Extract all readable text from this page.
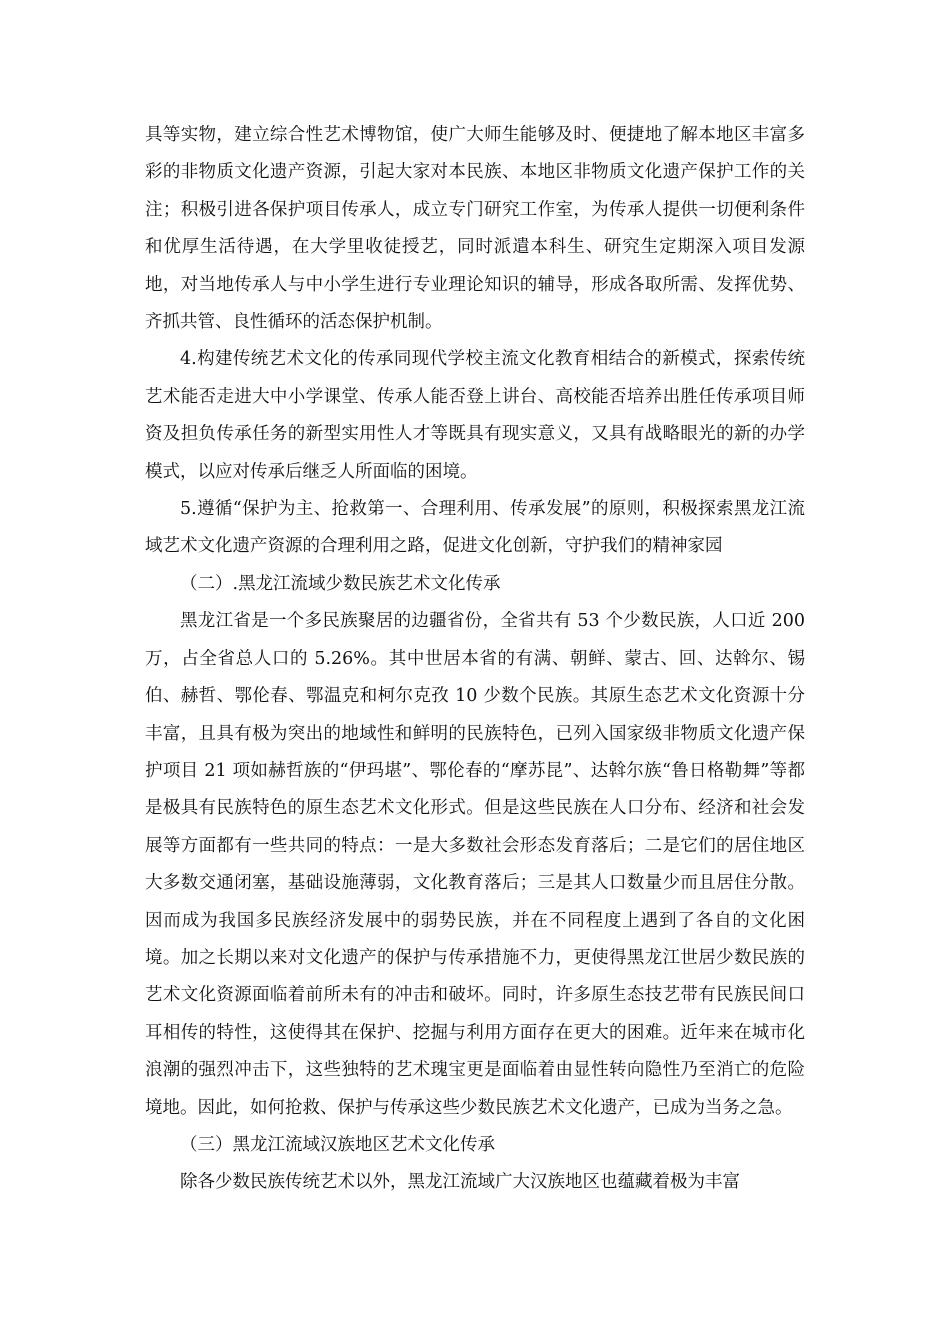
具等实物，建立综合性艺术博物馆，使广大师生能够及时、便捷地了解本地区丰富多彩的非物质文化遗产资源，引起大家对本民族、本地区非物质文化遗产保护工作的关注；积极引进各保护项目传承人，成立专门研究工作室，为传承人提供一切便利条件和优厚生活待遇，在大学里收徒授艺，同时派遣本科生、研究生定期深入项目发源地，对当地传承人与中小学生进行专业理论知识的辅导，形成各取所需、发挥优势、齐抓共管、良性循环的活态保护机制。

4.构建传统艺术文化的传承同现代学校主流文化教育相结合的新模式，探索传统艺术能否走进大中小学课堂、传承人能否登上讲台、高校能否培养出胜任传承项目师资及担负传承任务的新型实用性人才等既具有现实意义，又具有战略眼光的新的办学模式，以应对传承后继乏人所面临的困境。

5.遵循“保护为主、抢救第一、合理利用、传承发展”的原则，积极探索黑龙江流域艺术文化遗产资源的合理利用之路，促进文化创新，守护我们的精神家园

（二）.黑龙江流域少数民族艺术文化传承

黑龙江省是一个多民族聚居的边疆省份，全省共有 53 个少数民族，人口近 200 万，占全省总人口的 5.26%。其中世居本省的有满、朝鲜、蒙古、回、达斡尔、锡伯、赫哲、鄂伦春、鄂温克和柯尔克孜 10 少数个民族。其原生态艺术文化资源十分丰富，且具有极为突出的地域性和鲜明的民族特色，已列入国家级非物质文化遗产保护项目 21 项如赫哲族的“伊玛堪”、鄂伦春的“摩苏昆”、达斡尔族“鲁日格勒舞”等都是极具有民族特色的原生态艺术文化形式。但是这些民族在人口分布、经济和社会发展等方面都有一些共同的特点：一是大多数社会形态发育落后；二是它们的居住地区大多数交通闭塞，基础设施薄弱，文化教育落后；三是其人口数量少而且居住分散。因而成为我国多民族经济发展中的弱势民族，并在不同程度上遇到了各自的文化困境。加之长期以来对文化遗产的保护与传承措施不力，更使得黑龙江世居少数民族的艺术文化资源面临着前所未有的冲击和破坏。同时，许多原生态技艺带有民族民间口耳相传的特性，这使得其在保护、挖掘与利用方面存在更大的困难。近年来在城市化浪潮的强烈冲击下，这些独特的艺术瑰宝更是面临着由显性转向隐性乃至消亡的危险境地。因此，如何抢救、保护与传承这些少数民族艺术文化遗产，已成为当务之急。

（三）黑龙江流域汉族地区艺术文化传承

除各少数民族传统艺术以外，黑龙江流域广大汉族地区也蕴藏着极为丰富
